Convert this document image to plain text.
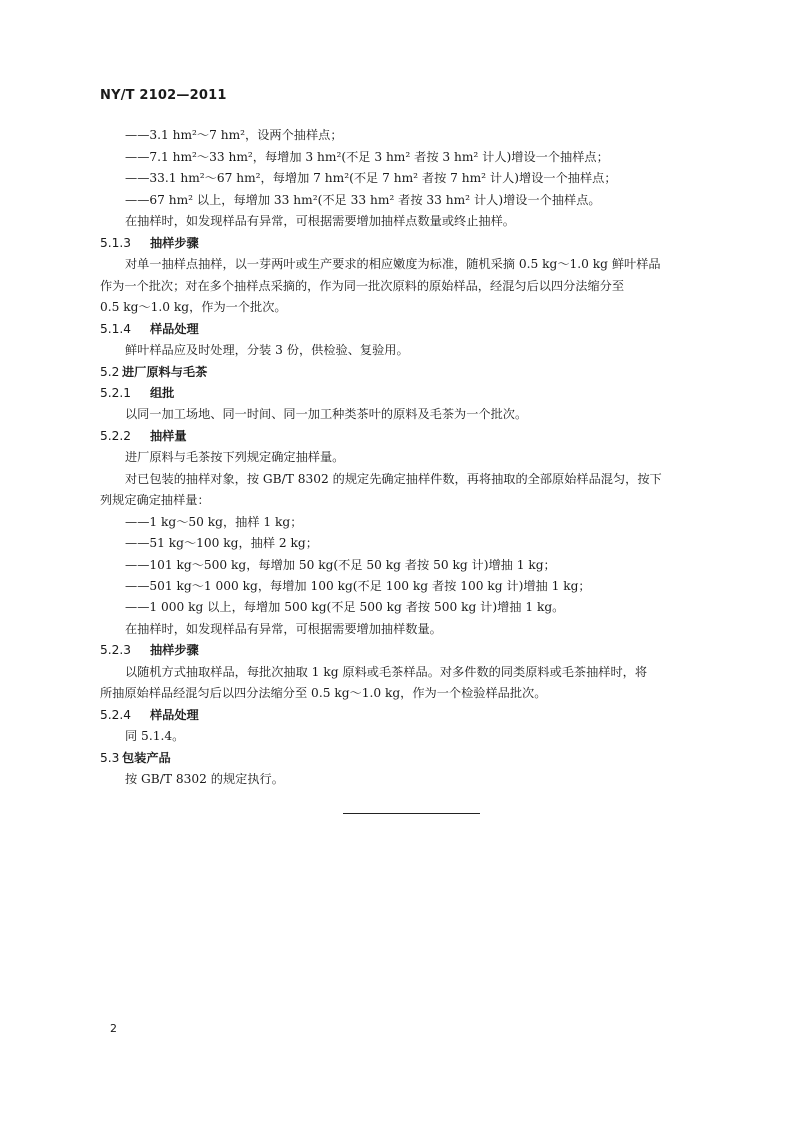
NY/T 2102—2011
——3.1 hm²～7 hm²，设两个抽样点；
——7.1 hm²～33 hm²，每增加 3 hm²(不足 3 hm² 者按 3 hm² 计人)增设一个抽样点；
——33.1 hm²～67 hm²，每增加 7 hm²(不足 7 hm² 者按 7 hm² 计人)增设一个抽样点；
——67 hm² 以上，每增加 33 hm²(不足 33 hm² 者按 33 hm² 计人)增设一个抽样点。
在抽样时，如发现样品有异常，可根据需要增加抽样点数量或终止抽样。
5.1.3 抽样步骤
对单一抽样点抽样，以一芽两叶或生产要求的相应嫩度为标准，随机采摘 0.5 kg～1.0 kg 鲜叶样品
作为一个批次；对在多个抽样点采摘的，作为同一批次原料的原始样品，经混匀后以四分法缩分至
0.5 kg～1.0 kg，作为一个批次。
5.1.4 样品处理
鲜叶样品应及时处理，分装 3 份，供检验、复验用。
5.2 进厂原料与毛茶
5.2.1 组批
以同一加工场地、同一时间、同一加工种类茶叶的原料及毛茶为一个批次。
5.2.2 抽样量
进厂原料与毛茶按下列规定确定抽样量。
对已包装的抽样对象，按 GB/T 8302 的规定先确定抽样件数，再将抽取的全部原始样品混匀，按下
列规定确定抽样量：
——1 kg～50 kg，抽样 1 kg；
——51 kg～100 kg，抽样 2 kg；
——101 kg～500 kg，每增加 50 kg(不足 50 kg 者按 50 kg 计)增抽 1 kg；
——501 kg～1 000 kg，每增加 100 kg(不足 100 kg 者按 100 kg 计)增抽 1 kg；
——1 000 kg 以上，每增加 500 kg(不足 500 kg 者按 500 kg 计)增抽 1 kg。
在抽样时，如发现样品有异常，可根据需要增加抽样数量。
5.2.3 抽样步骤
以随机方式抽取样品，每批次抽取 1 kg 原料或毛茶样品。对多件数的同类原料或毛茶抽样时，将
所抽原始样品经混匀后以四分法缩分至 0.5 kg～1.0 kg，作为一个检验样品批次。
5.2.4 样品处理
同 5.1.4。
5.3 包装产品
按 GB/T 8302 的规定执行。
2
